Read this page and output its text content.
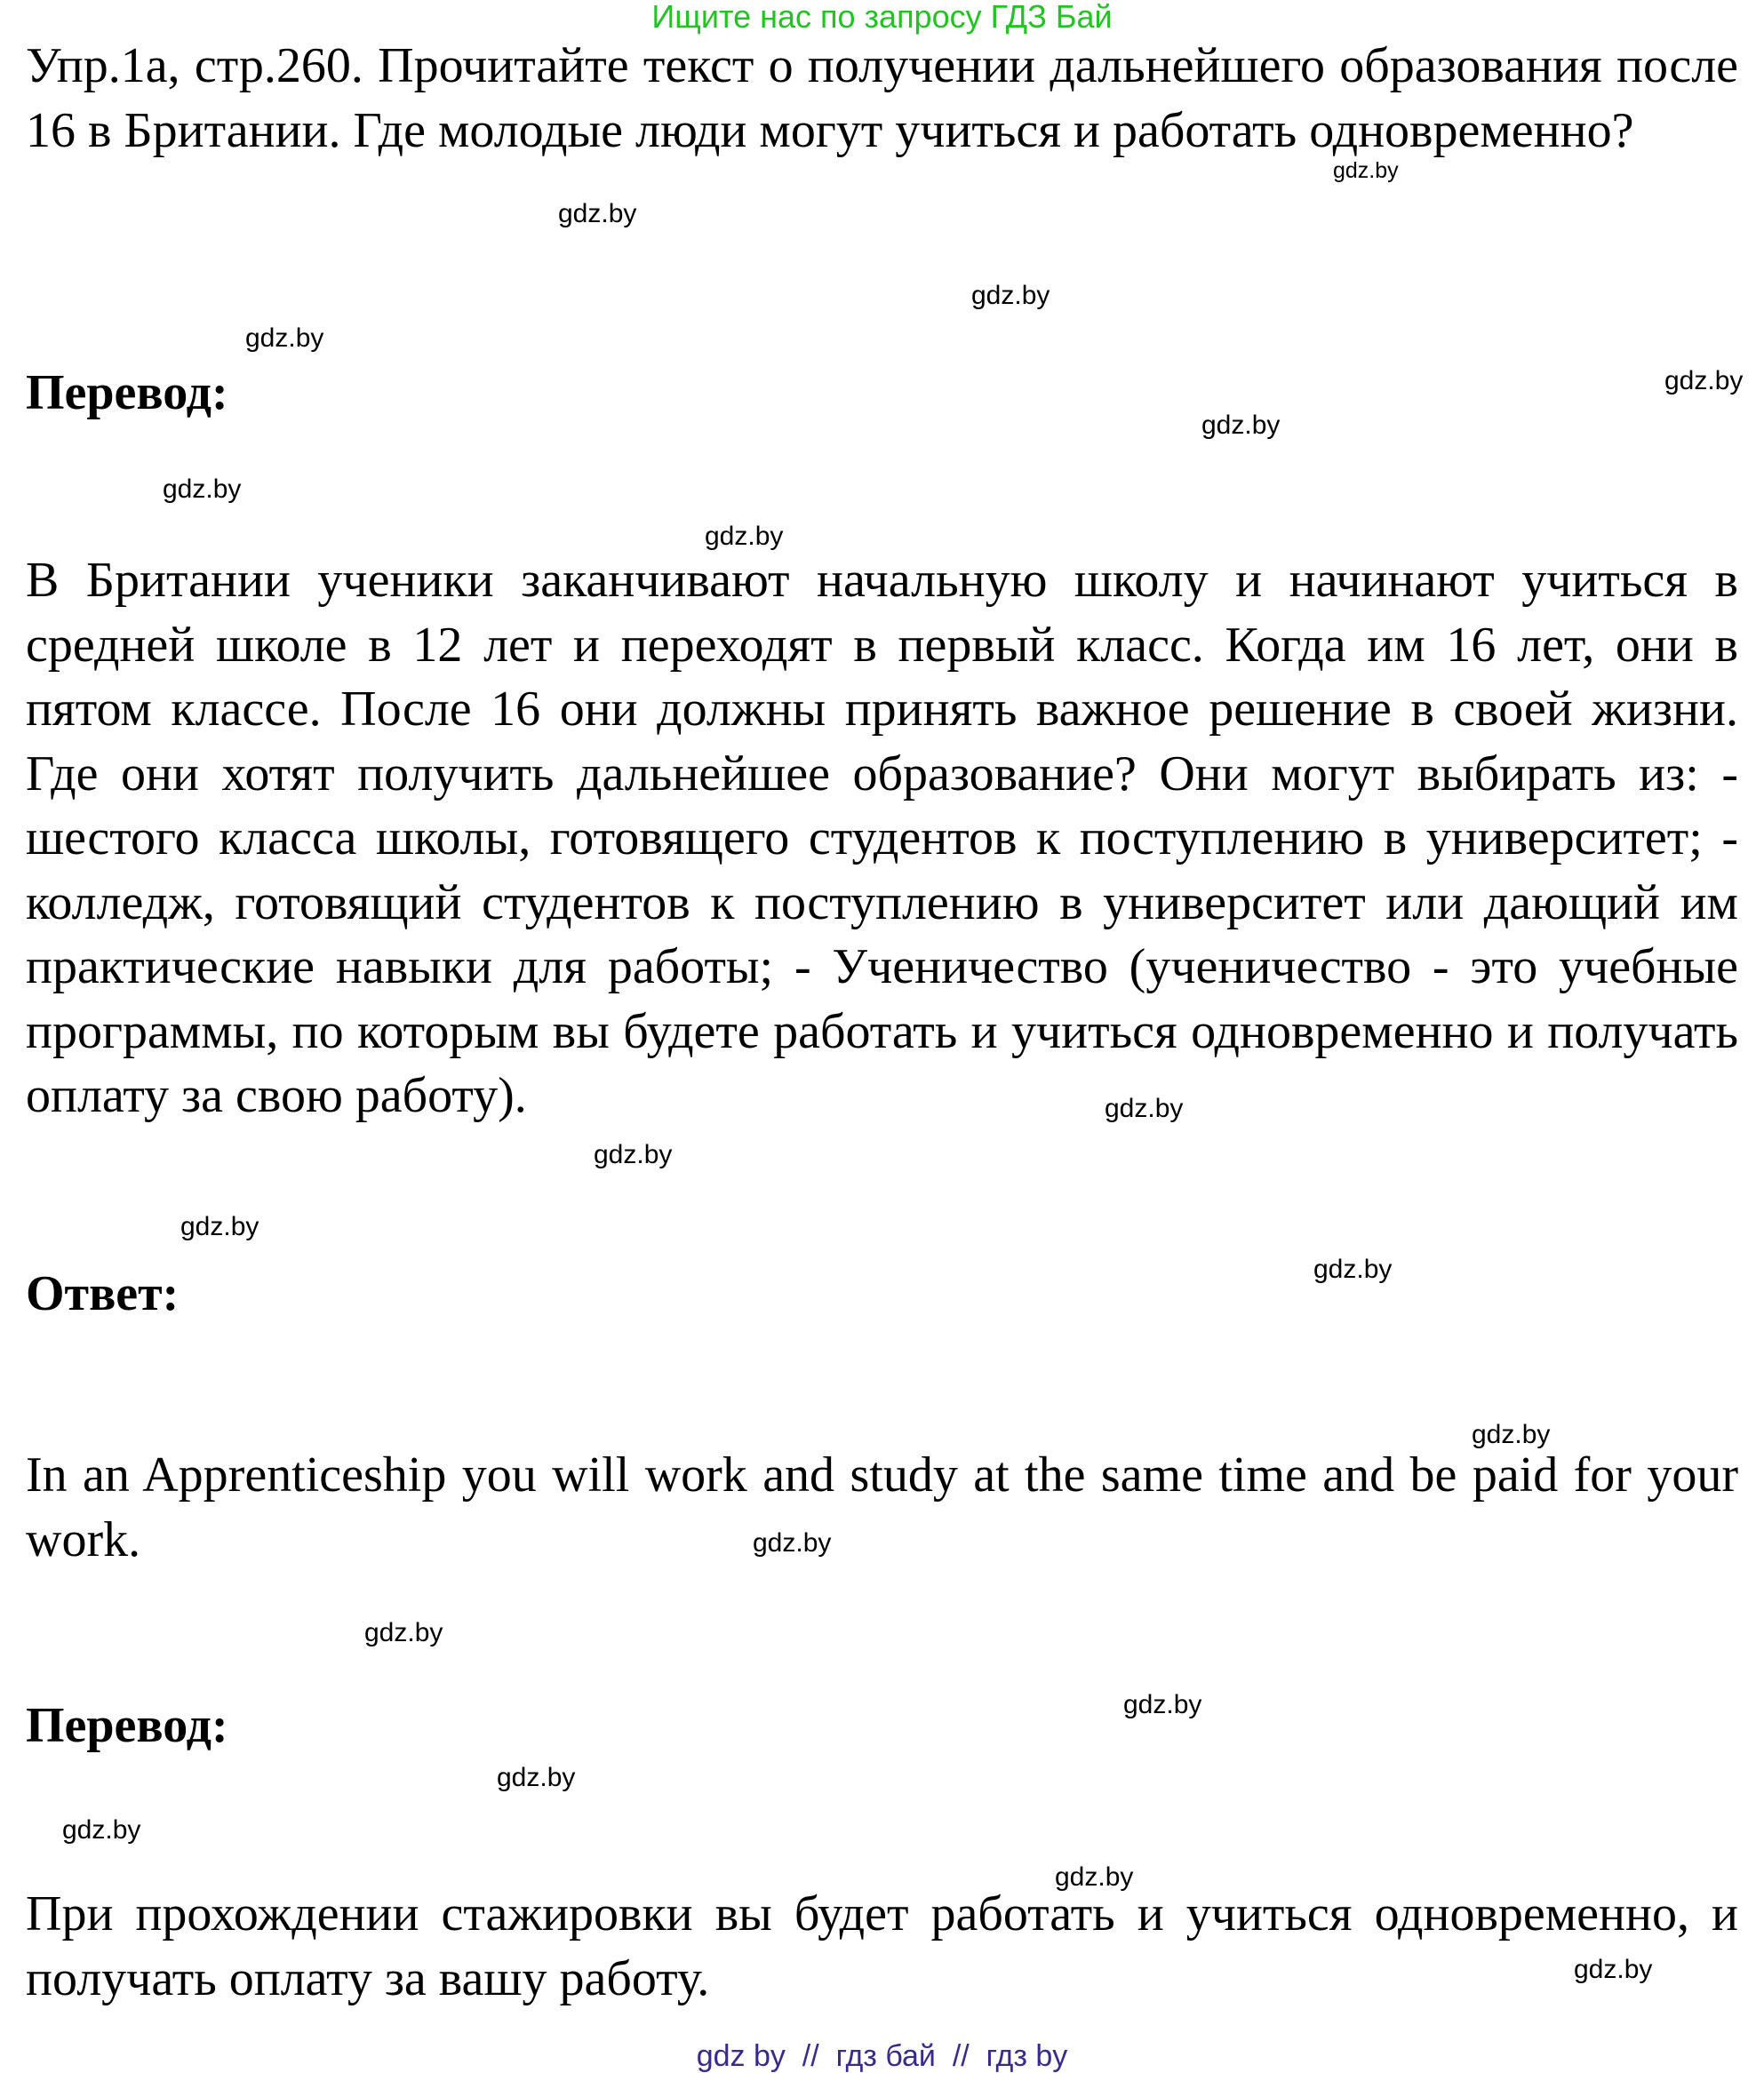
Ищите нас по запросу ГДЗ Бай

Упр.1a, стр.260. Прочитайте текст о получении дальнейшего образования после 16 в Британии. Где молодые люди могут учиться и работать одновременно?

Перевод:

В Британии ученики заканчивают начальную школу и начинают учиться в средней школе в 12 лет и переходят в первый класс. Когда им 16 лет, они в пятом классе. После 16 они должны принять важное решение в своей жизни. Где они хотят получить дальнейшее образование? Они могут выбирать из: - шестого класса школы, готовящего студентов к поступлению в университет; - колледж, готовящий студентов к поступлению в университет или дающий им практические навыки для работы; - Ученичество (ученичество - это учебные программы, по которым вы будете работать и учиться одновременно и получать оплату за свою работу).

Ответ:

In an Apprenticeship you will work and study at the same time and be paid for your work.

Перевод:

При прохождении стажировки вы будет работать и учиться одновременно, и получать оплату за вашу работу.

gdz.by
gdz.by
gdz.by
gdz.by
gdz.by
gdz.by
gdz.by
gdz.by
gdz.by
gdz.by
gdz.by
gdz.by
gdz.by
gdz.by
gdz.by
gdz.by
gdz.by
gdz.by
gdz.by
gdz.by
gdz by  //  гдз бай  //  гдз by
